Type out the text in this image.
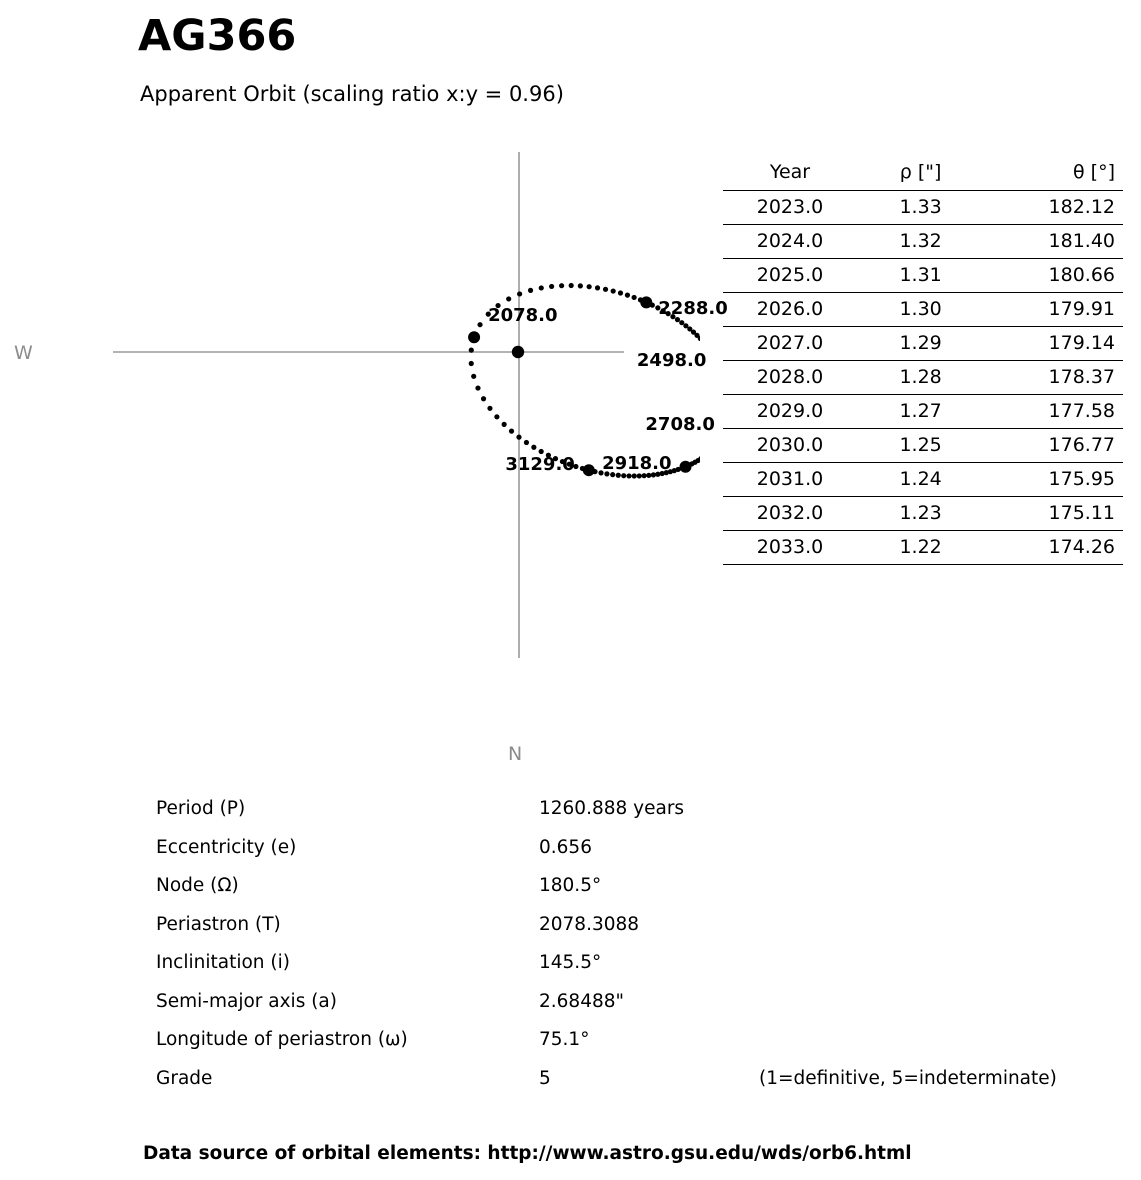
AG366
Apparent Orbit (scaling ratio x:y = 0.96)
2078.0	2288.0
2498.0
2708.0
2918.0
3129.0
W
N
Year	ρ ["]	θ [°]
2023.0	1.33	182.12
2024.0	1.32	181.40
2025.0	1.31	180.66
2026.0	1.30	179.91
2027.0	1.29	179.14
2028.0	1.28	178.37
2029.0	1.27	177.58
2030.0	1.25	176.77
2031.0	1.24	175.95
2032.0	1.23	175.11
2033.0	1.22	174.26
Period (P)	1260.888 years
Eccentricity (e)	0.656
Node (Ω)	180.5°
Periastron (T)	2078.3088
Inclinitation (i)	145.5°
Semi-major axis (a)	2.68488"
Longitude of periastron (ω)	75.1°
Grade	5	(1=definitive, 5=indeterminate)
Data source of orbital elements: http://www.astro.gsu.edu/wds/orb6.html
